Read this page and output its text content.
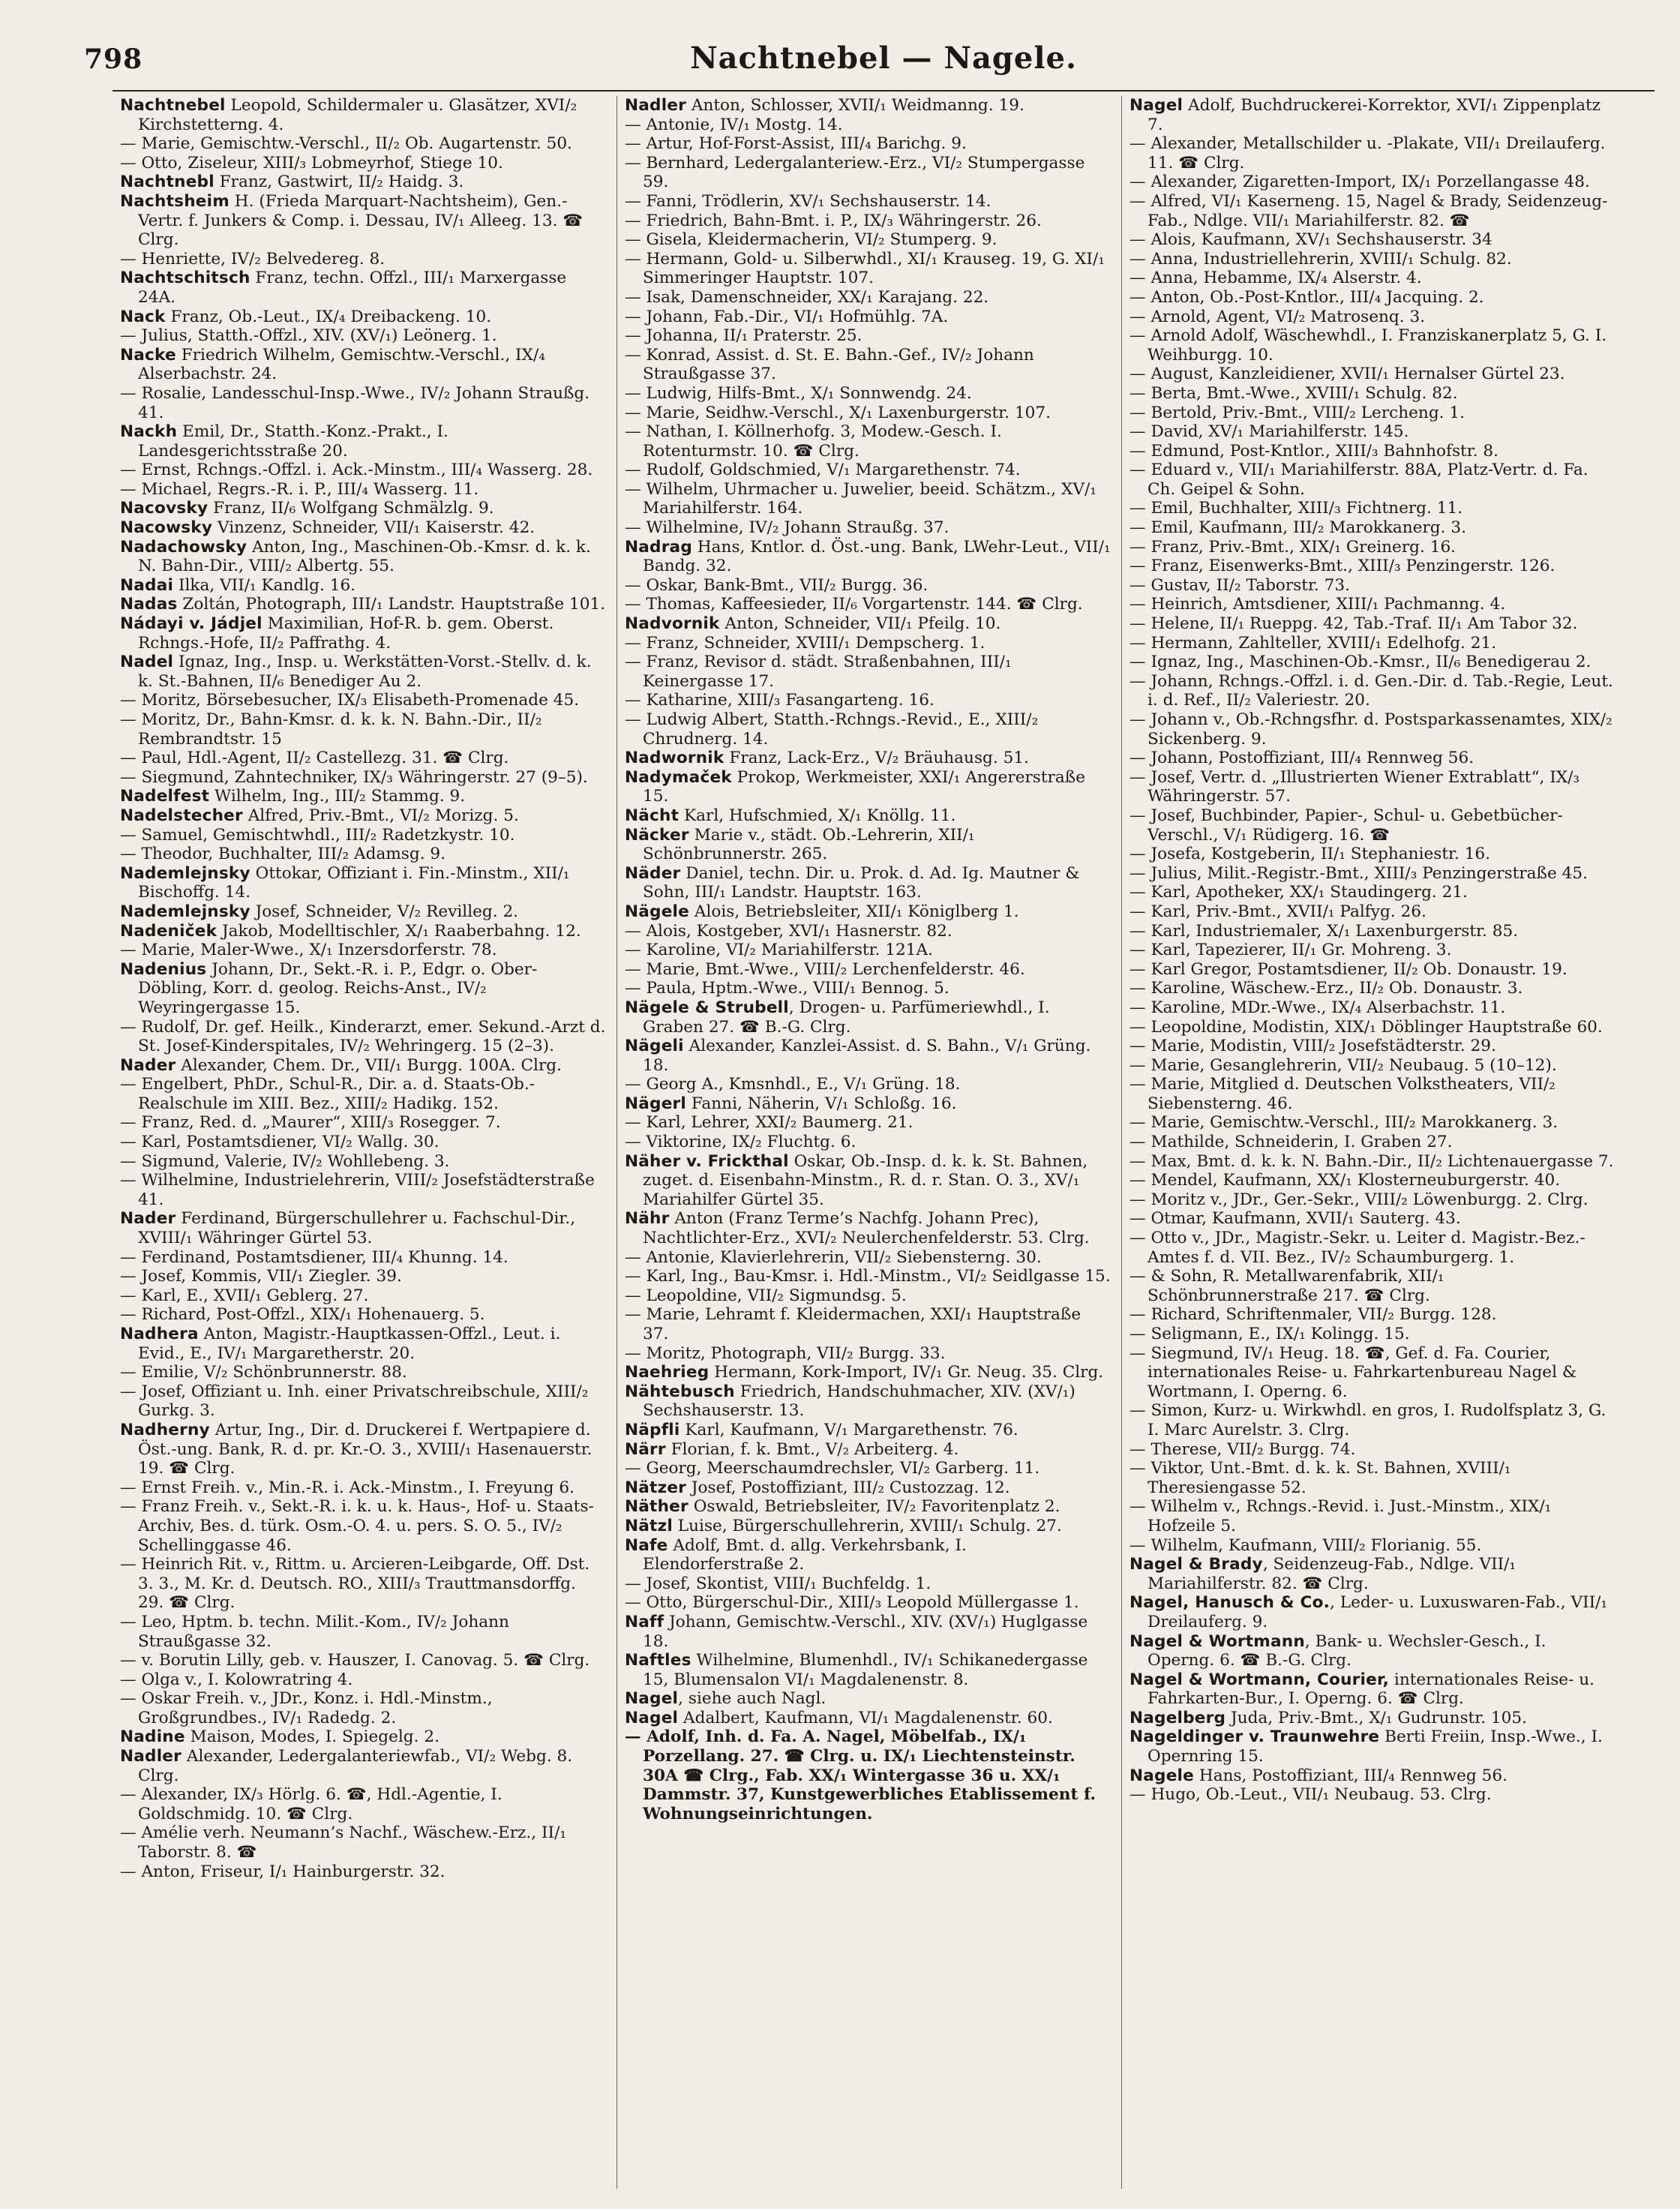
798	Nachtnebel — Nagele.

Nachtnebel Leopold, Schildermaler u. Glasätzer, XVI/₂ Kirchstetterng. 4.

— Marie, Gemischtw.-Verschl., II/₂ Ob. Augartenstr. 50.

— Otto, Ziseleur, XIII/₃ Lobmeyrhof, Stiege 10.

Nachtnebl Franz, Gastwirt, II/₂ Haidg. 3.

Nachtsheim H. (Frieda Marquart-Nachtsheim), Gen.-Vertr. f. Junkers & Comp. i. Dessau, IV/₁ Alleeg. 13. ☎ Clrg.

— Henriette, IV/₂ Belvedereg. 8.

Nachtschitsch Franz, techn. Offzl., III/₁ Marxergasse 24A.

Nack Franz, Ob.-Leut., IX/₄ Dreibackeng. 10.

— Julius, Statth.-Offzl., XIV. (XV/₁) Leönerg. 1.

Nacke Friedrich Wilhelm, Gemischtw.-Verschl., IX/₄ Alserbachstr. 24.

— Rosalie, Landesschul-Insp.-Wwe., IV/₂ Johann Straußg. 41.

Nackh Emil, Dr., Statth.-Konz.-Prakt., I. Landesgerichtsstraße 20.

— Ernst, Rchngs.-Offzl. i. Ack.-Minstm., III/₄ Wasserg. 28.

— Michael, Regrs.-R. i. P., III/₄ Wasserg. 11.

Nacovsky Franz, II/₆ Wolfgang Schmälzlg. 9.

Nacowsky Vinzenz, Schneider, VII/₁ Kaiserstr. 42.

Nadachowsky Anton, Ing., Maschinen-Ob.-Kmsr. d. k. k. N. Bahn-Dir., VIII/₂ Albertg. 55.

Nadai Ilka, VII/₁ Kandlg. 16.

Nadas Zoltán, Photograph, III/₁ Landstr. Hauptstraße 101.

Nádayi v. Jádjel Maximilian, Hof-R. b. gem. Oberst. Rchngs.-Hofe, II/₂ Paffrathg. 4.

Nadel Ignaz, Ing., Insp. u. Werkstätten-Vorst.-Stellv. d. k. k. St.-Bahnen, II/₆ Benediger Au 2.

— Moritz, Börsebesucher, IX/₃ Elisabeth-Promenade 45.

— Moritz, Dr., Bahn-Kmsr. d. k. k. N. Bahn.-Dir., II/₂ Rembrandtstr. 15

— Paul, Hdl.-Agent, II/₂ Castellezg. 31. ☎ Clrg.

— Siegmund, Zahntechniker, IX/₃ Währingerstr. 27 (9–5).

Nadelfest Wilhelm, Ing., III/₂ Stammg. 9.

Nadelstecher Alfred, Priv.-Bmt., VI/₂ Morizg. 5.

— Samuel, Gemischtwhdl., III/₂ Radetzkystr. 10.

— Theodor, Buchhalter, III/₂ Adamsg. 9.

Nademlejnsky Ottokar, Offiziant i. Fin.-Minstm., XII/₁ Bischoffg. 14.

Nademlejnsky Josef, Schneider, V/₂ Revilleg. 2.

Nadeniček Jakob, Modelltischler, X/₁ Raaberbahng. 12.

— Marie, Maler-Wwe., X/₁ Inzersdorferstr. 78.

Nadenius Johann, Dr., Sekt.-R. i. P., Edgr. o. Ober-Döbling, Korr. d. geolog. Reichs-Anst., IV/₂ Weyringergasse 15.

— Rudolf, Dr. gef. Heilk., Kinderarzt, emer. Sekund.-Arzt d. St. Josef-Kinderspitales, IV/₂ Wehringerg. 15 (2–3).

Nader Alexander, Chem. Dr., VII/₁ Burgg. 100A. Clrg.

— Engelbert, PhDr., Schul-R., Dir. a. d. Staats-Ob.-Realschule im XIII. Bez., XIII/₂ Hadikg. 152.

— Franz, Red. d. „Maurer“, XIII/₃ Rosegger. 7.

— Karl, Postamtsdiener, VI/₂ Wallg. 30.

— Sigmund, Valerie, IV/₂ Wohllebeng. 3.

— Wilhelmine, Industrielehrerin, VIII/₂ Josefstädterstraße 41.

Nader Ferdinand, Bürgerschullehrer u. Fachschul-Dir., XVIII/₁ Währinger Gürtel 53.

— Ferdinand, Postamtsdiener, III/₄ Khunng. 14.

— Josef, Kommis, VII/₁ Ziegler. 39.

— Karl, E., XVII/₁ Geblerg. 27.

— Richard, Post-Offzl., XIX/₁ Hohenauerg. 5.

Nadhera Anton, Magistr.-Hauptkassen-Offzl., Leut. i. Evid., E., IV/₁ Margaretherstr. 20.

— Emilie, V/₂ Schönbrunnerstr. 88.

— Josef, Offiziant u. Inh. einer Privatschreibschule, XIII/₂ Gurkg. 3.

Nadherny Artur, Ing., Dir. d. Druckerei f. Wertpapiere d. Öst.-ung. Bank, R. d. pr. Kr.-O. 3., XVIII/₁ Hasenauerstr. 19. ☎ Clrg.

— Ernst Freih. v., Min.-R. i. Ack.-Minstm., I. Freyung 6.

— Franz Freih. v., Sekt.-R. i. k. u. k. Haus-, Hof- u. Staats-Archiv, Bes. d. türk. Osm.-O. 4. u. pers. S. O. 5., IV/₂ Schellinggasse 46.

— Heinrich Rit. v., Rittm. u. Arcieren-Leibgarde, Off. Dst. 3. 3., M. Kr. d. Deutsch. RO., XIII/₃ Trauttmansdorffg. 29. ☎ Clrg.

— Leo, Hptm. b. techn. Milit.-Kom., IV/₂ Johann Straußgasse 32.

— v. Borutin Lilly, geb. v. Hauszer, I. Canovag. 5. ☎ Clrg.

— Olga v., I. Kolowratring 4.

— Oskar Freih. v., JDr., Konz. i. Hdl.-Minstm., Großgrundbes., IV/₁ Radedg. 2.

Nadine Maison, Modes, I. Spiegelg. 2.

Nadler Alexander, Ledergalanteriewfab., VI/₂ Webg. 8. Clrg.

— Alexander, IX/₃ Hörlg. 6. ☎, Hdl.-Agentie, I. Goldschmidg. 10. ☎ Clrg.

— Amélie verh. Neumann’s Nachf., Wäschew.-Erz., II/₁ Taborstr. 8. ☎

— Anton, Friseur, I/₁ Hainburgerstr. 32.

Nadler Anton, Schlosser, XVII/₁ Weidmanng. 19.

— Antonie, IV/₁ Mostg. 14.

— Artur, Hof-Forst-Assist, III/₄ Barichg. 9.

— Bernhard, Ledergalanteriew.-Erz., VI/₂ Stumpergasse 59.

— Fanni, Trödlerin, XV/₁ Sechshauserstr. 14.

— Friedrich, Bahn-Bmt. i. P., IX/₃ Währingerstr. 26.

— Gisela, Kleidermacherin, VI/₂ Stumperg. 9.

— Hermann, Gold- u. Silberwhdl., XI/₁ Krauseg. 19, G. XI/₁ Simmeringer Hauptstr. 107.

— Isak, Damenschneider, XX/₁ Karajang. 22.

— Johann, Fab.-Dir., VI/₁ Hofmühlg. 7A.

— Johanna, II/₁ Praterstr. 25.

— Konrad, Assist. d. St. E. Bahn.-Gef., IV/₂ Johann Straußgasse 37.

— Ludwig, Hilfs-Bmt., X/₁ Sonnwendg. 24.

— Marie, Seidhw.-Verschl., X/₁ Laxenburgerstr. 107.

— Nathan, I. Köllnerhofg. 3, Modew.-Gesch. I. Rotenturmstr. 10. ☎ Clrg.

— Rudolf, Goldschmied, V/₁ Margarethenstr. 74.

— Wilhelm, Uhrmacher u. Juwelier, beeid. Schätzm., XV/₁ Mariahilferstr. 164.

— Wilhelmine, IV/₂ Johann Straußg. 37.

Nadrag Hans, Kntlor. d. Öst.-ung. Bank, LWehr-Leut., VII/₁ Bandg. 32.

— Oskar, Bank-Bmt., VII/₂ Burgg. 36.

— Thomas, Kaffeesieder, II/₆ Vorgartenstr. 144. ☎ Clrg.

Nadvornik Anton, Schneider, VII/₁ Pfeilg. 10.

— Franz, Schneider, XVIII/₁ Dempscherg. 1.

— Franz, Revisor d. städt. Straßenbahnen, III/₁ Keinergasse 17.

— Katharine, XIII/₃ Fasangarteng. 16.

— Ludwig Albert, Statth.-Rchngs.-Revid., E., XIII/₂ Chrudnerg. 14.

Nadwornik Franz, Lack-Erz., V/₂ Bräuhausg. 51.

Nadymaček Prokop, Werkmeister, XXI/₁ Angererstraße 15.

Nächt Karl, Hufschmied, X/₁ Knöllg. 11.

Näcker Marie v., städt. Ob.-Lehrerin, XII/₁ Schönbrunnerstr. 265.

Näder Daniel, techn. Dir. u. Prok. d. Ad. Ig. Mautner & Sohn, III/₁ Landstr. Hauptstr. 163.

Nägele Alois, Betriebsleiter, XII/₁ Königlberg 1.

— Alois, Kostgeber, XVI/₁ Hasnerstr. 82.

— Karoline, VI/₂ Mariahilferstr. 121A.

— Marie, Bmt.-Wwe., VIII/₂ Lerchenfelderstr. 46.

— Paula, Hptm.-Wwe., VIII/₁ Bennog. 5.

Nägele & Strubell, Drogen- u. Parfümeriewhdl., I. Graben 27. ☎ B.-G. Clrg.

Nägeli Alexander, Kanzlei-Assist. d. S. Bahn., V/₁ Grüng. 18.

— Georg A., Kmsnhdl., E., V/₁ Grüng. 18.

Nägerl Fanni, Näherin, V/₁ Schloßg. 16.

— Karl, Lehrer, XXI/₂ Baumerg. 21.

— Viktorine, IX/₂ Fluchtg. 6.

Näher v. Frickthal Oskar, Ob.-Insp. d. k. k. St. Bahnen, zuget. d. Eisenbahn-Minstm., R. d. r. Stan. O. 3., XV/₁ Mariahilfer Gürtel 35.

Nähr Anton (Franz Terme’s Nachfg. Johann Prec), Nachtlichter-Erz., XVI/₂ Neulerchenfelderstr. 53. Clrg.

— Antonie, Klavierlehrerin, VII/₂ Siebensterng. 30.

— Karl, Ing., Bau-Kmsr. i. Hdl.-Minstm., VI/₂ Seidlgasse 15.

— Leopoldine, VII/₂ Sigmundsg. 5.

— Marie, Lehramt f. Kleidermachen, XXI/₁ Hauptstraße 37.

— Moritz, Photograph, VII/₂ Burgg. 33.

Naehrieg Hermann, Kork-Import, IV/₁ Gr. Neug. 35. Clrg.

Nähtebusch Friedrich, Handschuhmacher, XIV. (XV/₁) Sechshauserstr. 13.

Näpfli Karl, Kaufmann, V/₁ Margarethenstr. 76.

Närr Florian, f. k. Bmt., V/₂ Arbeiterg. 4.

— Georg, Meerschaumdrechsler, VI/₂ Garberg. 11.

Nätzer Josef, Postoffiziant, III/₂ Custozzag. 12.

Näther Oswald, Betriebsleiter, IV/₂ Favoritenplatz 2.

Nätzl Luise, Bürgerschullehrerin, XVIII/₁ Schulg. 27.

Nafe Adolf, Bmt. d. allg. Verkehrsbank, I. Elendorferstraße 2.

— Josef, Skontist, VIII/₁ Buchfeldg. 1.

— Otto, Bürgerschul-Dir., XIII/₃ Leopold Müllergasse 1.

Naff Johann, Gemischtw.-Verschl., XIV. (XV/₁) Huglgasse 18.

Naftles Wilhelmine, Blumenhdl., IV/₁ Schikanedergasse 15, Blumensalon VI/₁ Magdalenenstr. 8.

Nagel, siehe auch Nagl.

Nagel Adalbert, Kaufmann, VI/₁ Magdalenenstr. 60.

— Adolf, Inh. d. Fa. A. Nagel, Möbelfab., IX/₁ Porzellang. 27. ☎ Clrg. u. IX/₁ Liechtensteinstr. 30A ☎ Clrg., Fab. XX/₁ Wintergasse 36 u. XX/₁ Dammstr. 37, Kunstgewerbliches Etablissement f. Wohnungseinrichtungen.

Nagel Adolf, Buchdruckerei-Korrektor, XVI/₁ Zippenplatz 7.

— Alexander, Metallschilder u. -Plakate, VII/₁ Dreilauferg. 11. ☎ Clrg.

— Alexander, Zigaretten-Import, IX/₁ Porzellangasse 48.

— Alfred, VI/₁ Kaserneng. 15, Nagel & Brady, Seidenzeug-Fab., Ndlge. VII/₁ Mariahilferstr. 82. ☎

— Alois, Kaufmann, XV/₁ Sechshauserstr. 34

— Anna, Industriellehrerin, XVIII/₁ Schulg. 82.

— Anna, Hebamme, IX/₄ Alserstr. 4.

— Anton, Ob.-Post-Kntlor., III/₄ Jacquing. 2.

— Arnold, Agent, VI/₂ Matrosenq. 3.

— Arnold Adolf, Wäschewhdl., I. Franziskanerplatz 5, G. I. Weihburgg. 10.

— August, Kanzleidiener, XVII/₁ Hernalser Gürtel 23.

— Berta, Bmt.-Wwe., XVIII/₁ Schulg. 82.

— Bertold, Priv.-Bmt., VIII/₂ Lercheng. 1.

— David, XV/₁ Mariahilferstr. 145.

— Edmund, Post-Kntlor., XIII/₃ Bahnhofstr. 8.

— Eduard v., VII/₁ Mariahilferstr. 88A, Platz-Vertr. d. Fa. Ch. Geipel & Sohn.

— Emil, Buchhalter, XIII/₃ Fichtnerg. 11.

— Emil, Kaufmann, III/₂ Marokkanerg. 3.

— Franz, Priv.-Bmt., XIX/₁ Greinerg. 16.

— Franz, Eisenwerks-Bmt., XIII/₃ Penzingerstr. 126.

— Gustav, II/₂ Taborstr. 73.

— Heinrich, Amtsdiener, XIII/₁ Pachmanng. 4.

— Helene, II/₁ Rueppg. 42, Tab.-Traf. II/₁ Am Tabor 32.

— Hermann, Zahlteller, XVIII/₁ Edelhofg. 21.

— Ignaz, Ing., Maschinen-Ob.-Kmsr., II/₆ Benedigerau 2.

— Johann, Rchngs.-Offzl. i. d. Gen.-Dir. d. Tab.-Regie, Leut. i. d. Ref., II/₂ Valeriestr. 20.

— Johann v., Ob.-Rchngsfhr. d. Postsparkassenamtes, XIX/₂ Sickenberg. 9.

— Johann, Postoffiziant, III/₄ Rennweg 56.

— Josef, Vertr. d. „Illustrierten Wiener Extrablatt“, IX/₃ Währingerstr. 57.

— Josef, Buchbinder, Papier-, Schul- u. Gebetbücher-Verschl., V/₁ Rüdigerg. 16. ☎

— Josefa, Kostgeberin, II/₁ Stephaniestr. 16.

— Julius, Milit.-Registr.-Bmt., XIII/₃ Penzingerstraße 45.

— Karl, Apotheker, XX/₁ Staudingerg. 21.

— Karl, Priv.-Bmt., XVII/₁ Palfyg. 26.

— Karl, Industriemaler, X/₁ Laxenburgerstr. 85.

— Karl, Tapezierer, II/₁ Gr. Mohreng. 3.

— Karl Gregor, Postamtsdiener, II/₂ Ob. Donaustr. 19.

— Karoline, Wäschew.-Erz., II/₂ Ob. Donaustr. 3.

— Karoline, MDr.-Wwe., IX/₄ Alserbachstr. 11.

— Leopoldine, Modistin, XIX/₁ Döblinger Hauptstraße 60.

— Marie, Modistin, VIII/₂ Josefstädterstr. 29.

— Marie, Gesanglehrerin, VII/₂ Neubaug. 5 (10–12).

— Marie, Mitglied d. Deutschen Volkstheaters, VII/₂ Siebensterng. 46.

— Marie, Gemischtw.-Verschl., III/₂ Marokkanerg. 3.

— Mathilde, Schneiderin, I. Graben 27.

— Max, Bmt. d. k. k. N. Bahn.-Dir., II/₂ Lichtenauergasse 7.

— Mendel, Kaufmann, XX/₁ Klosterneuburgerstr. 40.

— Moritz v., JDr., Ger.-Sekr., VIII/₂ Löwenburgg. 2. Clrg.

— Otmar, Kaufmann, XVII/₁ Sauterg. 43.

— Otto v., JDr., Magistr.-Sekr. u. Leiter d. Magistr.-Bez.-Amtes f. d. VII. Bez., IV/₂ Schaumburgerg. 1.

— & Sohn, R. Metallwarenfabrik, XII/₁ Schönbrunnerstraße 217. ☎ Clrg.

— Richard, Schriftenmaler, VII/₂ Burgg. 128.

— Seligmann, E., IX/₁ Kolingg. 15.

— Siegmund, IV/₁ Heug. 18. ☎, Gef. d. Fa. Courier, internationales Reise- u. Fahrkartenbureau Nagel & Wortmann, I. Operng. 6.

— Simon, Kurz- u. Wirkwhdl. en gros, I. Rudolfsplatz 3, G. I. Marc Aurelstr. 3. Clrg.

— Therese, VII/₂ Burgg. 74.

— Viktor, Unt.-Bmt. d. k. k. St. Bahnen, XVIII/₁ Theresiengasse 52.

— Wilhelm v., Rchngs.-Revid. i. Just.-Minstm., XIX/₁ Hofzeile 5.

— Wilhelm, Kaufmann, VIII/₂ Florianig. 55.

Nagel & Brady, Seidenzeug-Fab., Ndlge. VII/₁ Mariahilferstr. 82. ☎ Clrg.

Nagel, Hanusch & Co., Leder- u. Luxuswaren-Fab., VII/₁ Dreilauferg. 9.

Nagel & Wortmann, Bank- u. Wechsler-Gesch., I. Operng. 6. ☎ B.-G. Clrg.

Nagel & Wortmann, Courier, internationales Reise- u. Fahrkarten-Bur., I. Operng. 6. ☎ Clrg.

Nagelberg Juda, Priv.-Bmt., X/₁ Gudrunstr. 105.

Nageldinger v. Traunwehre Berti Freiin, Insp.-Wwe., I. Opernring 15.

Nagele Hans, Postoffiziant, III/₄ Rennweg 56.

— Hugo, Ob.-Leut., VII/₁ Neubaug. 53. Clrg.
